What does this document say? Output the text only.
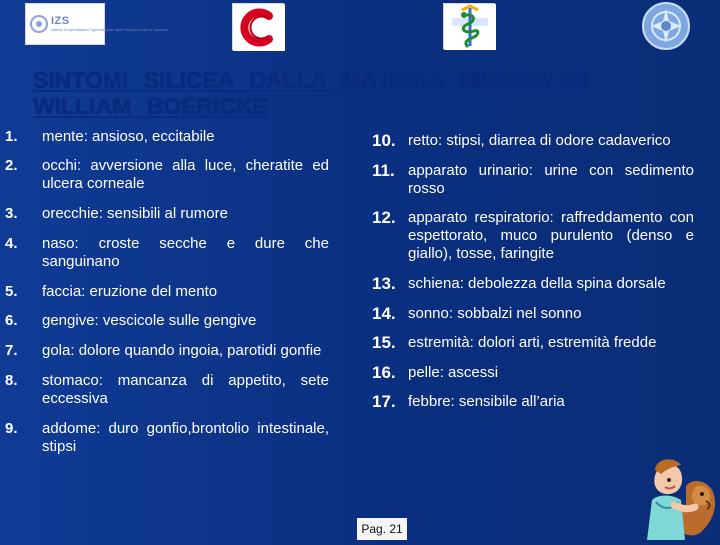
IZS
Istituto Zooprofilattico Sperimentale delle Regioni Lazio e Toscana
SINTOMI SILICEA DALLA MATERIA MEDICA DI WILLIAM BOERICKE
1.	mente: ansioso, eccitabile
2.	occhi: avversione alla luce, cheratite ed ulcera corneale
3.	orecchie: sensibili al rumore
4.	naso: croste secche e dure che sanguinano
5.	faccia: eruzione del mento
6.	gengive: vescicole sulle gengive
7.	gola: dolore quando ingoia, parotidi gonfie
8.	stomaco: mancanza di appetito, sete eccessiva
9.	addome: duro gonfio,brontolio intestinale, stipsi
10. retto: stipsi, diarrea di odore cadaverico
11. apparato urinario: urine con sedimento rosso
12. apparato respiratorio: raffreddamento con espettorato, muco purulento (denso e giallo), tosse, faringite
13. schiena: debolezza della spina dorsale
14. sonno: sobbalzi nel sonno
15. estremità: dolori arti, estremità fredde
16. pelle: ascessi
17. febbre: sensibile all’aria
Pag. 21
